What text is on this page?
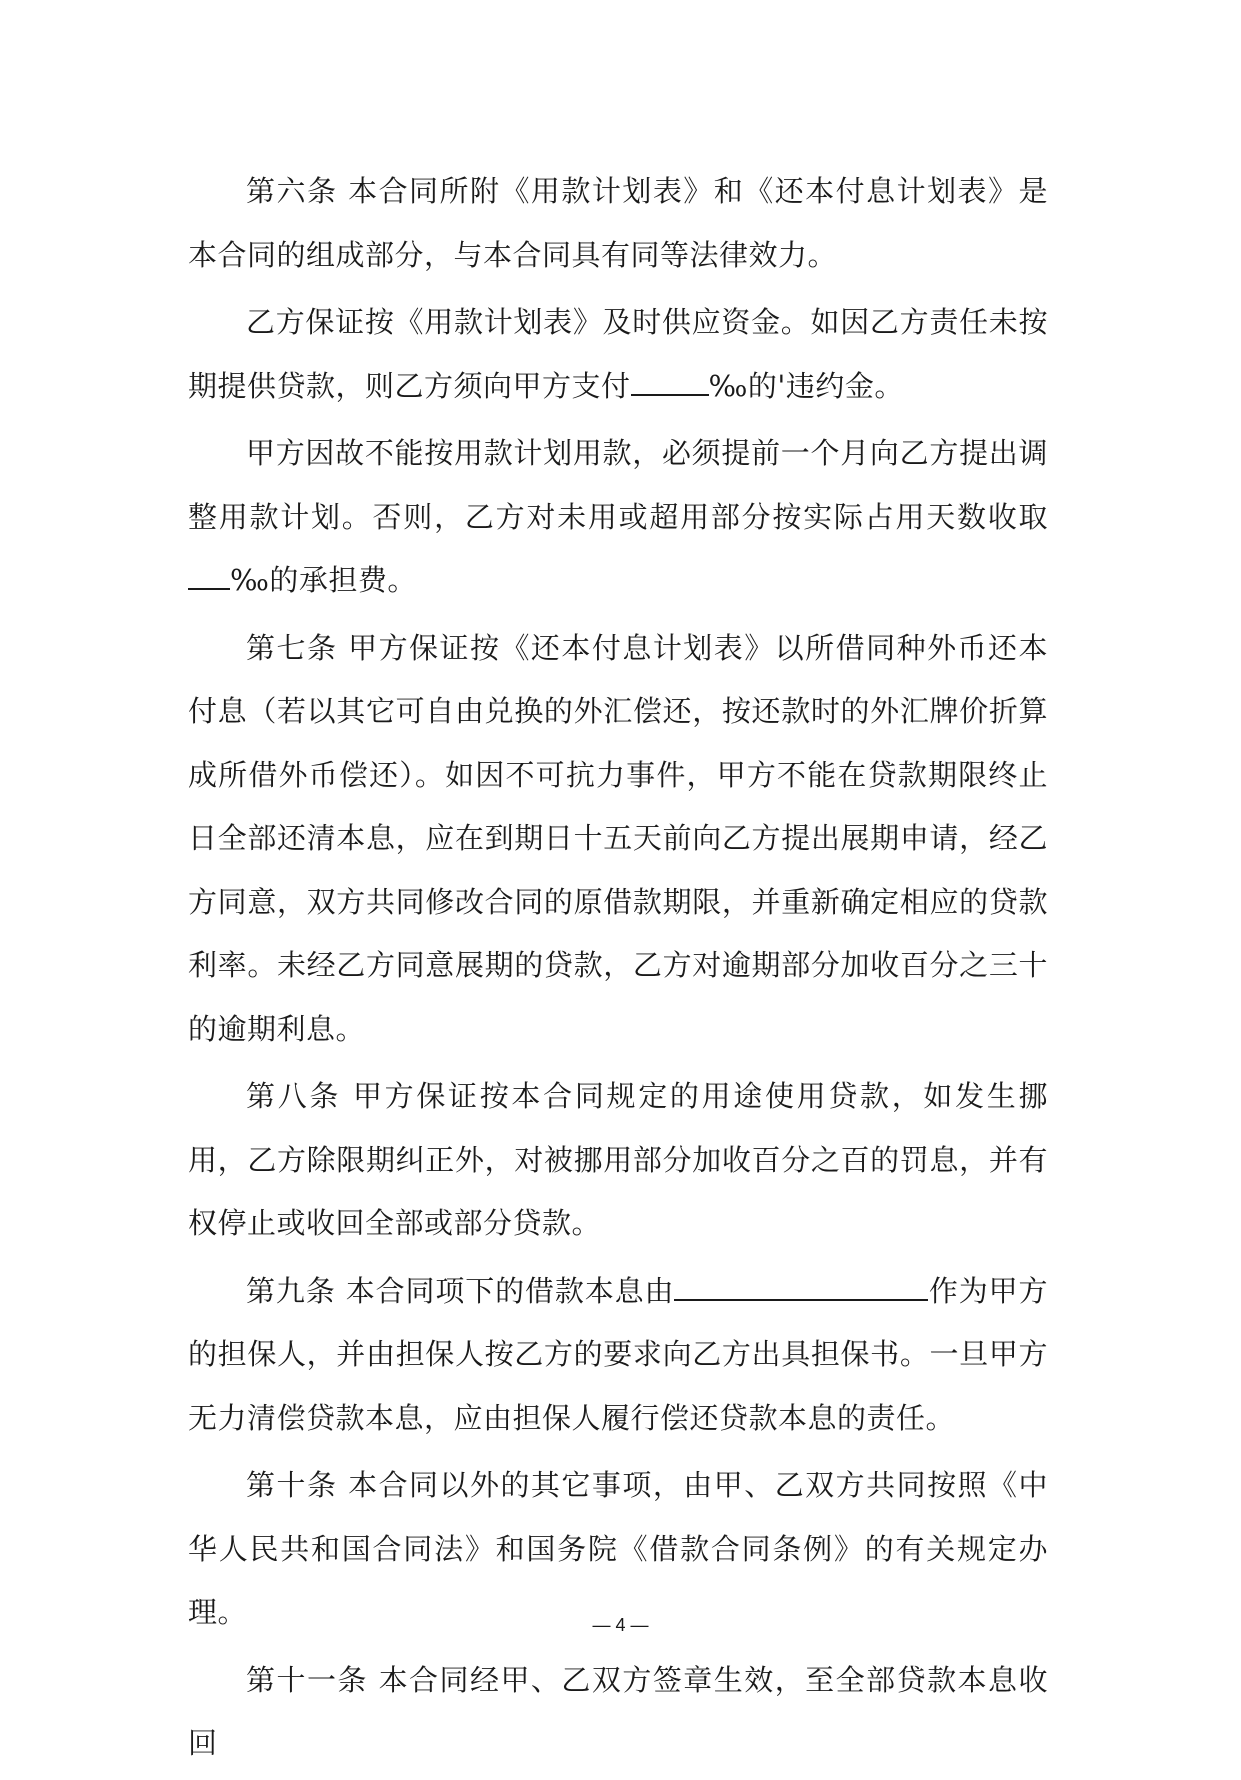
第六条 本合同所附《用款计划表》和《还本付息计划表》是本合同的组成部分，与本合同具有同等法律效力。

乙方保证按《用款计划表》及时供应资金。如因乙方责任未按期提供贷款，则乙方须向甲方支付	‰的'违约金。

甲方因故不能按用款计划用款，必须提前一个月向乙方提出调整用款计划。否则，乙方对未用或超用部分按实际占用天数收取‰的承担费。

第七条 甲方保证按《还本付息计划表》以所借同种外币还本付息（若以其它可自由兑换的外汇偿还，按还款时的外汇牌价折算成所借外币偿还）。如因不可抗力事件，甲方不能在贷款期限终止日全部还清本息，应在到期日十五天前向乙方提出展期申请，经乙方同意，双方共同修改合同的原借款期限，并重新确定相应的贷款利率。未经乙方同意展期的贷款，乙方对逾期部分加收百分之三十的逾期利息。

第八条 甲方保证按本合同规定的用途使用贷款，如发生挪用，乙方除限期纠正外，对被挪用部分加收百分之百的罚息，并有权停止或收回全部或部分贷款。

第九条 本合同项下的借款本息由	作为甲方的担保人，并由担保人按乙方的要求向乙方出具担保书。一旦甲方无力清偿贷款本息，应由担保人履行偿还贷款本息的责任。

第十条 本合同以外的其它事项，由甲、乙双方共同按照《中华人民共和国合同法》和国务院《借款合同条例》的有关规定办理。

第十一条 本合同经甲、乙双方签章生效，至全部贷款本息收回

— 4 —
